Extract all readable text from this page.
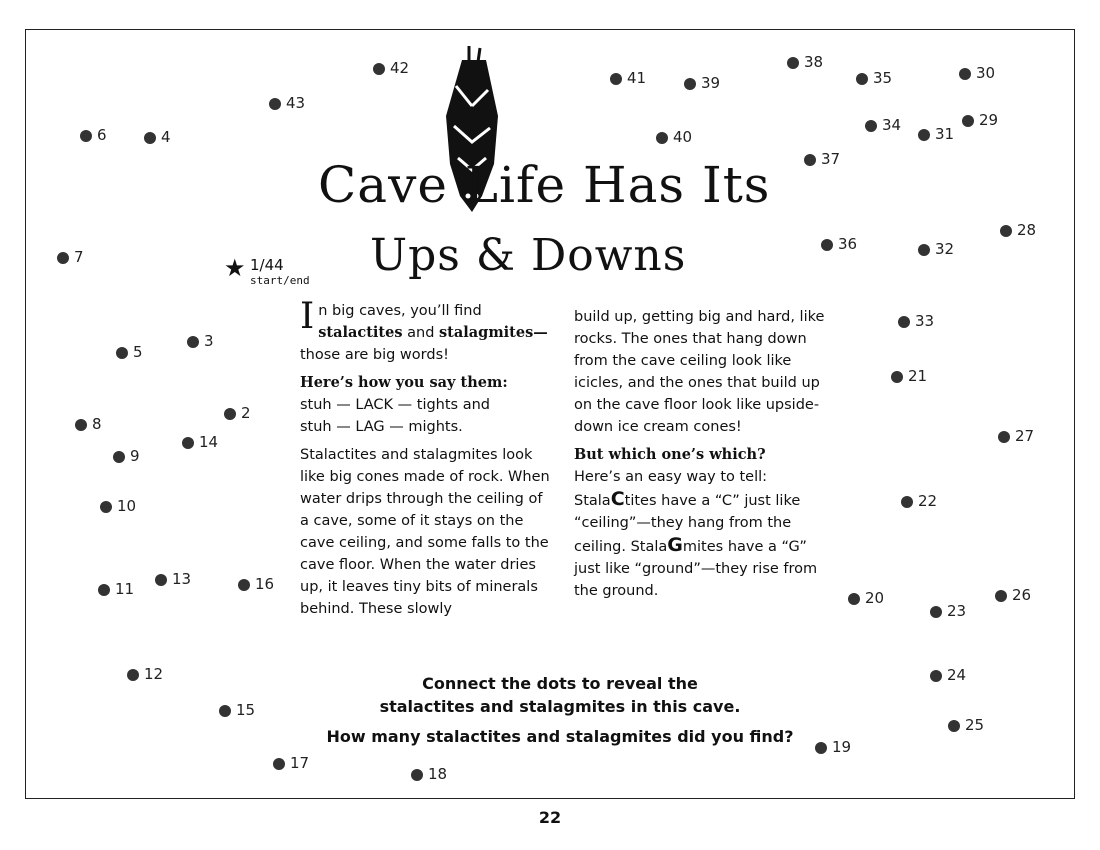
Cave Life Has Its
Ups & Downs
★ 1/44
start/end
2
3
4
5
6
7
8
9
10
11
12
13
14
15
16
17
18
19
20
21
22
23
24
25
26
27
28
29
30
31
32
33
34
35
36
37
38
39
40
41
42
43

In big caves, you’ll find stalactites and stalagmites— those are big words!

Here’s how you say them:
stuh — LACK — tights and
stuh — LAG — mights.

Stalactites and stalagmites look like big cones made of rock. When water drips through the ceiling of a cave, some of it stays on the cave ceiling, and some falls to the cave floor. When the water dries up, it leaves tiny bits of minerals behind. These slowly

build up, getting big and hard, like rocks. The ones that hang down from the cave ceiling look like icicles, and the ones that build up on the cave floor look like upside-down ice cream cones!

But which one’s which?
Here’s an easy way to tell:
StalaCtites have a “C” just like “ceiling”—they hang from the ceiling. StalaGmites have a “G” just like “ground”—they rise from the ground.

Connect the dots to reveal the
stalactites and stalagmites in this cave.
How many stalactites and stalagmites did you find?
22
